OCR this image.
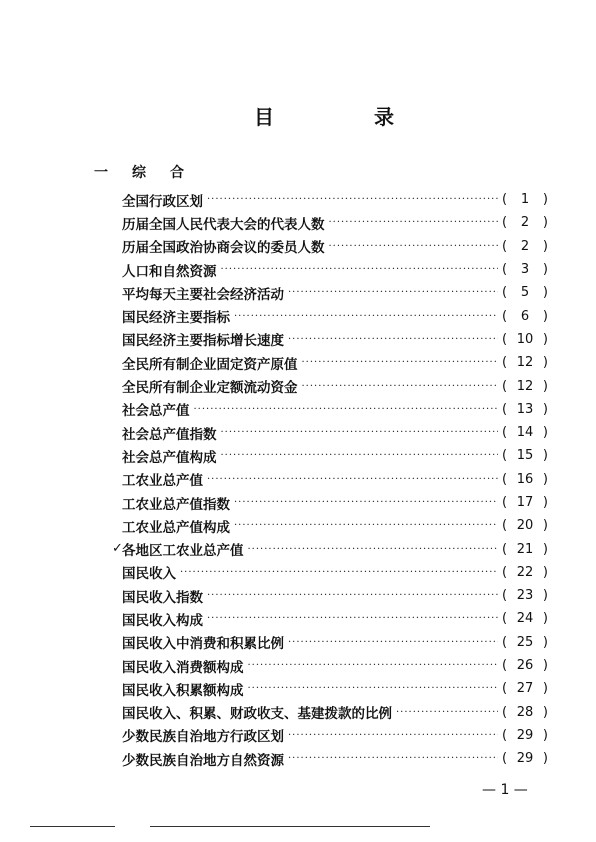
目	录
一	综合
全国行政区划 ·····	( 1 )
历届全国人民代表大会的代表人数 ·····	( 2 )
历届全国政治协商会议的委员人数 ·····	( 2 )
人口和自然资源 ·····	( 3 )
平均每天主要社会经济活动 ·····	( 5 )
国民经济主要指标 ·····	( 6 )
国民经济主要指标增长速度 ·····	( 10 )
全民所有制企业固定资产原值 ·····	( 12 )
全民所有制企业定额流动资金 ·····	( 12 )
社会总产值 ·····	( 13 )
社会总产值指数 ·····	( 14 )
社会总产值构成 ·····	( 15 )
工农业总产值 ·····	( 16 )
工农业总产值指数 ·····	( 17 )
工农业总产值构成 ·····	( 20 )
✓ 各地区工农业总产值 ·····	( 21 )
国民收入 ·····	( 22 )
国民收入指数 ·····	( 23 )
国民收入构成 ·····	( 24 )
国民收入中消费和积累比例 ·····	( 25 )
国民收入消费额构成 ·····	( 26 )
国民收入积累额构成 ·····	( 27 )
国民收入、积累、财政收支、基建拨款的比例 ·····	( 28 )
少数民族自治地方行政区划 ·····	( 29 )
少数民族自治地方自然资源 ·····	( 29 )
— 1 —
